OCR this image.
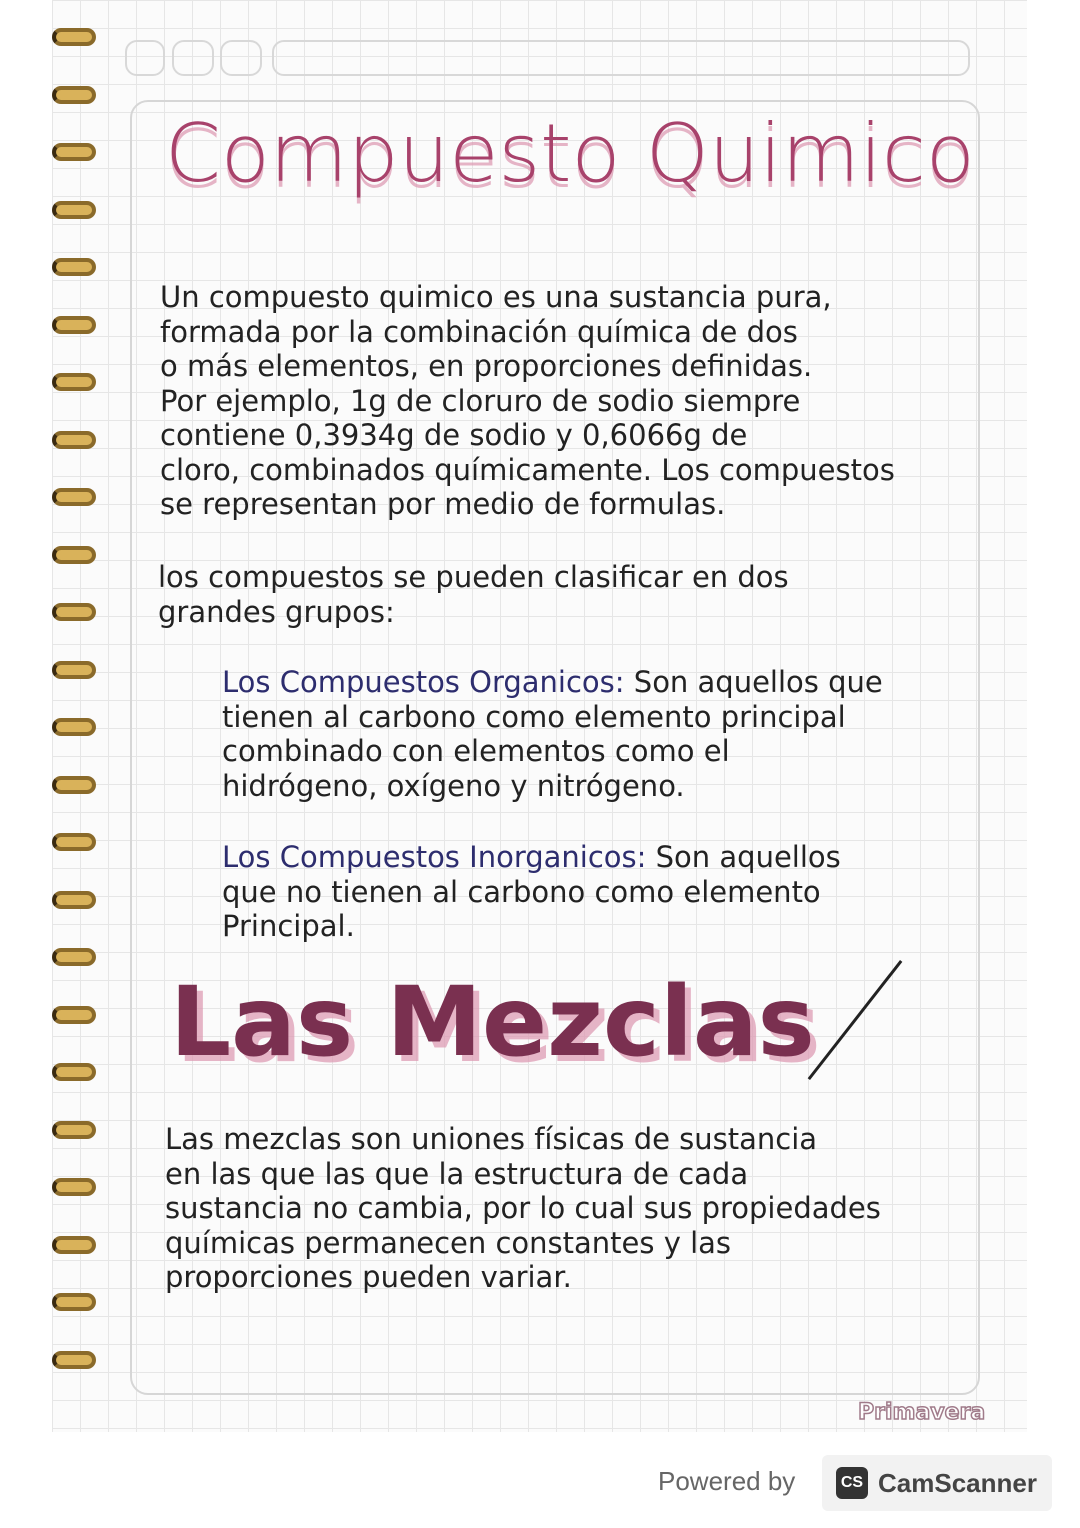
Compuesto Quimico
Un compuesto quimico es una sustancia pura,
formada por la combinación química de dos
o más elementos, en proporciones definidas.
Por ejemplo, 1g de cloruro de sodio siempre
contiene 0,3934g de sodio y 0,6066g de
cloro, combinados químicamente. Los compuestos
se representan por medio de formulas.
los compuestos se pueden clasificar en dos
grandes grupos:
Los Compuestos Organicos: Son aquellos que
tienen al carbono como elemento principal
combinado con elementos como el
hidrógeno, oxígeno y nitrógeno.
Los Compuestos Inorganicos: Son aquellos
que no tienen al carbono como elemento
Principal.
Las Mezclas
Las mezclas son uniones físicas de sustancia
en las que las que la estructura de cada
sustancia no cambia, por lo cual sus propiedades
químicas permanecen constantes y las
proporciones pueden variar.
Primavera
Powered by	CS CamScanner
